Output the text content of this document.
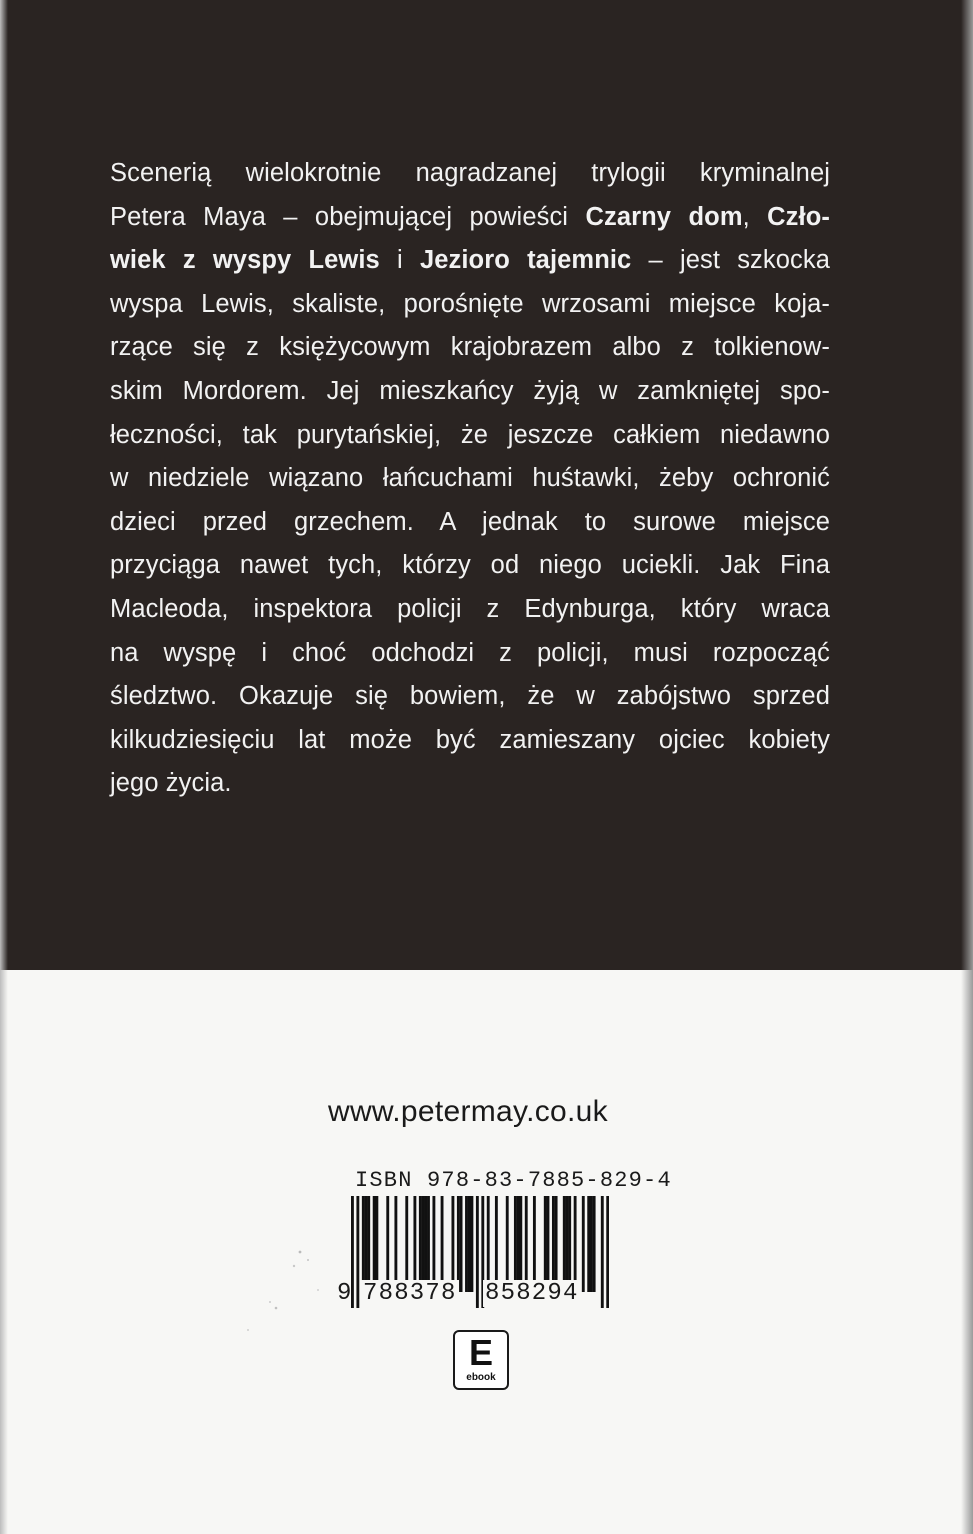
Scenerią wielokrotnie nagradzanej trylogii kryminalnej
Petera Maya – obejmującej powieści Czarny dom, Czło-
wiek z wyspy Lewis i Jezioro tajemnic – jest szkocka
wyspa Lewis, skaliste, porośnięte wrzosami miejsce koja-
rzące się z księżycowym krajobrazem albo z tolkienow-
skim Mordorem. Jej mieszkańcy żyją w zamkniętej spo-
łeczności, tak purytańskiej, że jeszcze całkiem niedawno
w niedziele wiązano łańcuchami huśtawki, żeby ochronić
dzieci przed grzechem. A jednak to surowe miejsce
przyciąga nawet tych, którzy od niego uciekli. Jak Fina
Macleoda, inspektora policji z Edynburga, który wraca
na wyspę i choć odchodzi z policji, musi rozpocząć
śledztwo. Okazuje się bowiem, że w zabójstwo sprzed
kilkudziesięciu lat może być zamieszany ojciec kobiety
jego życia.
www.petermay.co.uk
ISBN 978-83-7885-829-4
9 788378 858294
E
ebook
